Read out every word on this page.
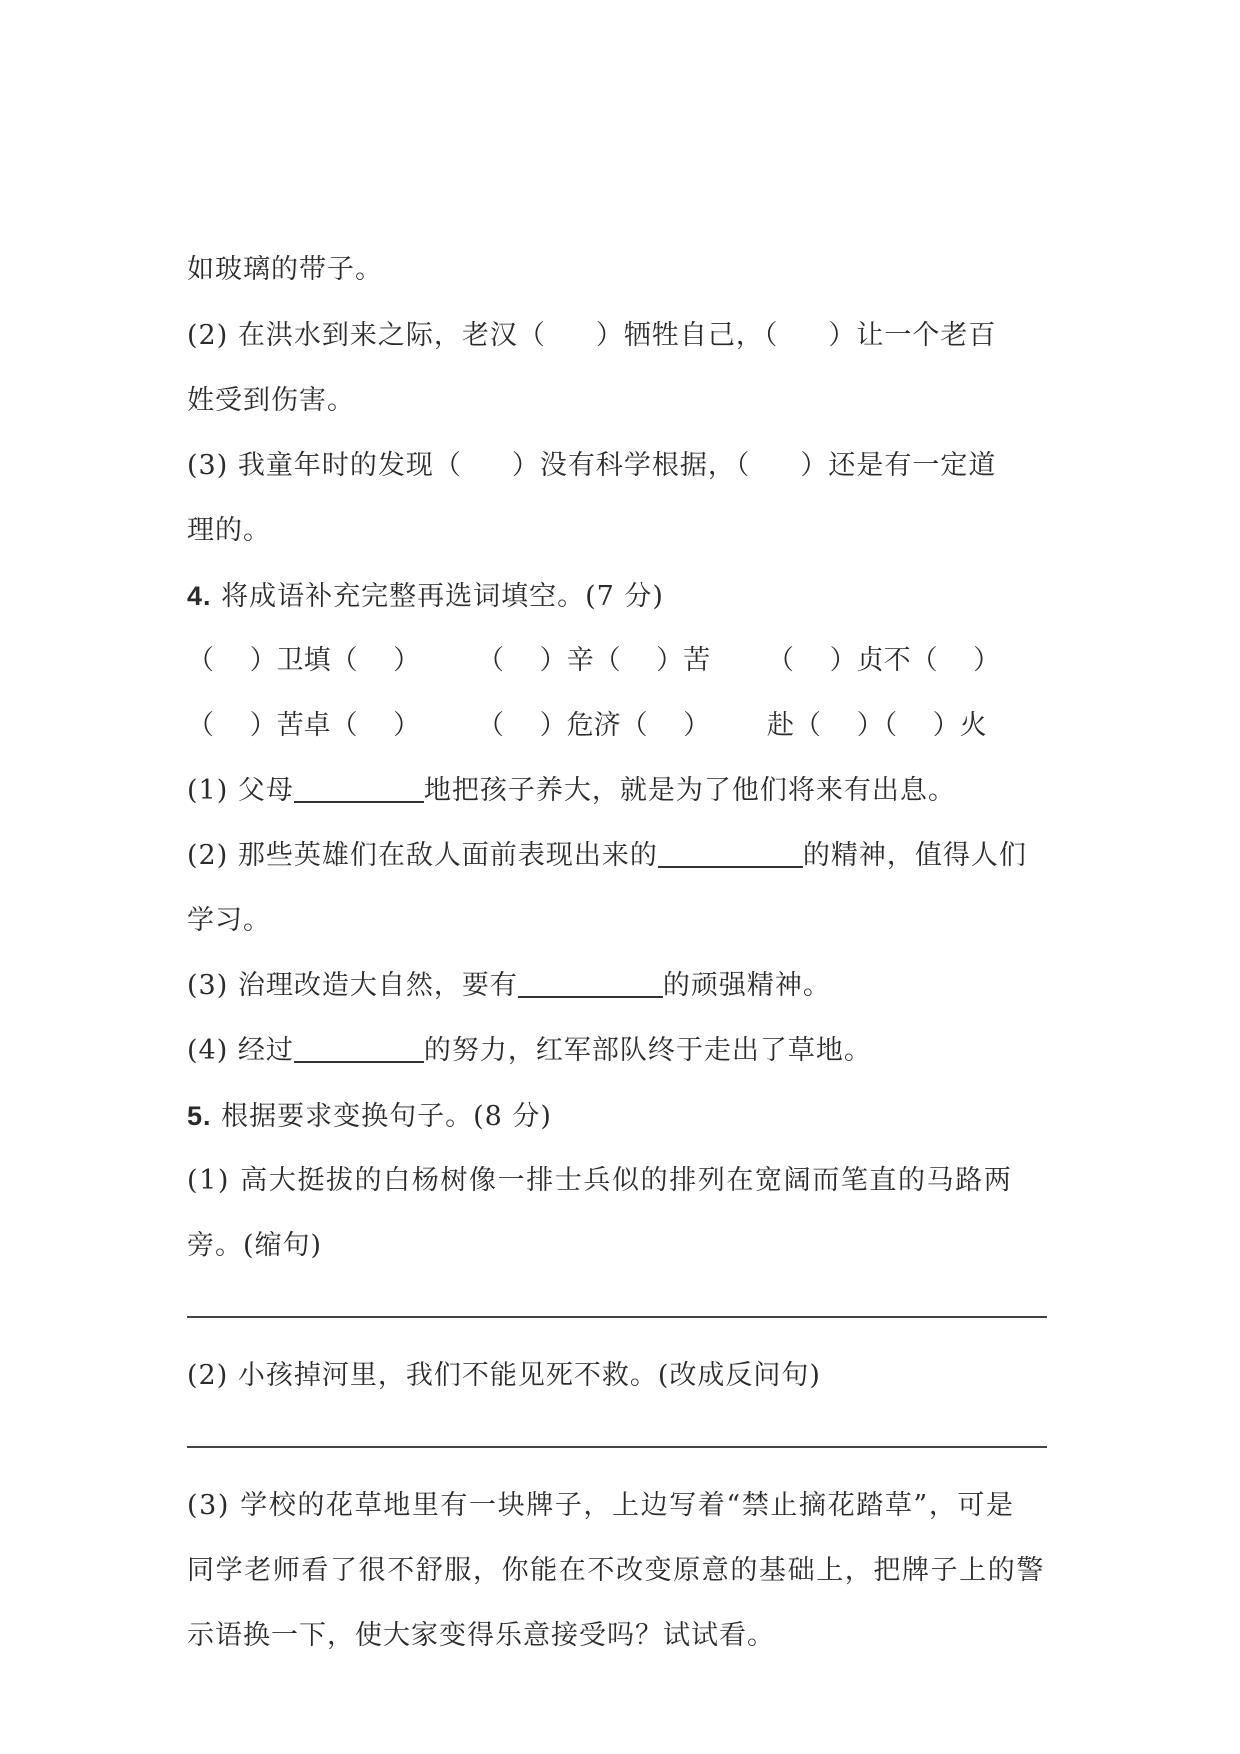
如玻璃的带子。
(2) 在洪水到来之际，老汉（ ）牺牲自己，（ ）让一个老百
姓受到伤害。
(3) 我童年时的发现（ ）没有科学根据，（ ）还是有一定道
理的。
4. 将成语补充完整再选词填空。(7 分)
（　 ）卫填（　 ） （　 ）辛（　 ）苦 （　 ）贞不（　 ）
（　 ）苦卓（　 ） （　 ）危济（　 ） 赴（　 ）（　 ）火
(1) 父母	地把孩子养大，就是为了他们将来有出息。
(2) 那些英雄们在敌人面前表现出来的	的精神，值得人们
学习。
(3) 治理改造大自然，要有	的顽强精神。
(4) 经过	的努力，红军部队终于走出了草地。
5. 根据要求变换句子。(8 分)
(1) 高大挺拔的白杨树像一排士兵似的排列在宽阔而笔直的马路两
旁。(缩句)
(2) 小孩掉河里，我们不能见死不救。(改成反问句)
(3) 学校的花草地里有一块牌子，上边写着“禁止摘花踏草”，可是
同学老师看了很不舒服，你能在不改变原意的基础上，把牌子上的警
示语换一下，使大家变得乐意接受吗？试试看。
